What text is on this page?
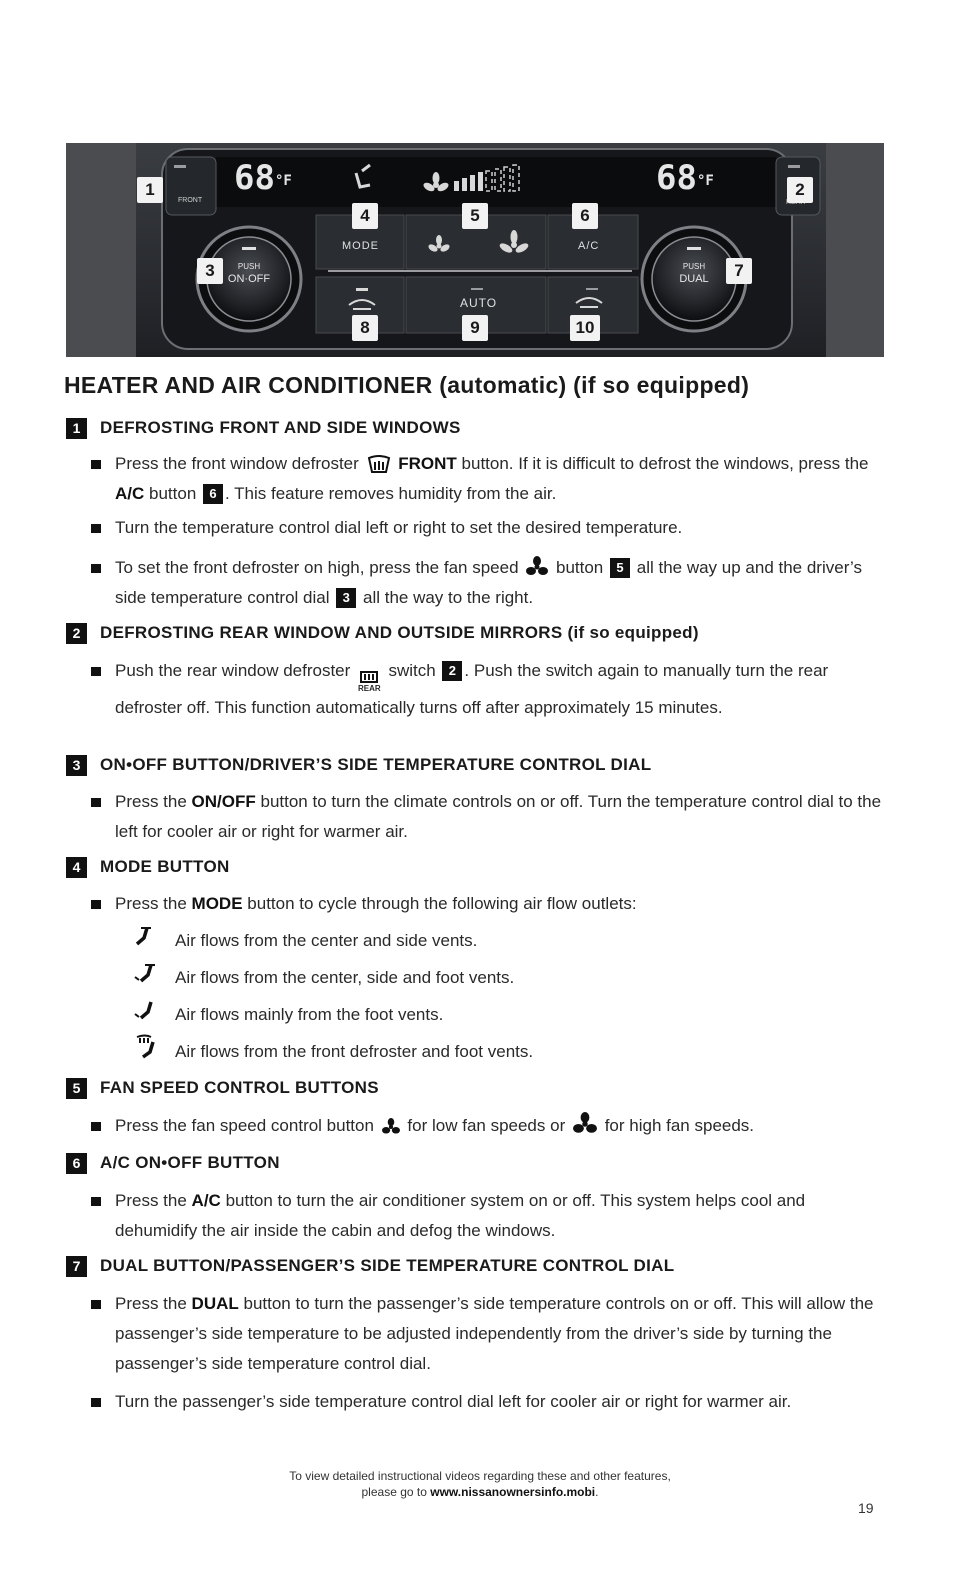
68°F	68°F
FRONT
MODE	A/C
AUTO
PUSH
ON·OFF
PUSH
DUAL
1	2
3
4	5	6
7
8	9	10
HEATER AND AIR CONDITIONER (automatic) (if so equipped)
1	DEFROSTING FRONT AND SIDE WINDOWS
Press the front window defroster FRONT button. If it is difficult to defrost the windows, press the A/C button 6 . This feature removes humidity from the air.
Turn the temperature control dial left or right to set the desired temperature.
To set the front defroster on high, press the fan speed button 5 all the way up and the driver’s side temperature control dial 3 all the way to the right.
2	DEFROSTING REAR WINDOW AND OUTSIDE MIRRORS (if so equipped)
Push the rear window defroster
REAR
switch 2 . Push the switch again to manually turn the rear defroster off. This function automatically turns off after approximately 15 minutes.
3	ON•OFF BUTTON/DRIVER’S SIDE TEMPERATURE CONTROL DIAL
Press the ON/OFF button to turn the climate controls on or off. Turn the temperature control dial to the left for cooler air or right for warmer air.
4	MODE BUTTON
Press the MODE button to cycle through the following air flow outlets:
Air flows from the center and side vents.
Air flows from the center, side and foot vents.
Air flows mainly from the foot vents.
Air flows from the front defroster and foot vents.
5	FAN SPEED CONTROL BUTTONS
Press the fan speed control button for low fan speeds or for high fan speeds.
6	A/C ON•OFF BUTTON
Press the A/C button to turn the air conditioner system on or off. This system helps cool and dehumidify the air inside the cabin and defog the windows.
7	DUAL BUTTON/PASSENGER’S SIDE TEMPERATURE CONTROL DIAL
Press the DUAL button to turn the passenger’s side temperature controls on or off. This will allow the passenger’s side temperature to be adjusted independently from the driver’s side by turning the passenger’s side temperature control dial.
Turn the passenger’s side temperature control dial left for cooler air or right for warmer air.
To view detailed instructional videos regarding these and other features,
please go to www.nissanownersinfo.mobi.
19
